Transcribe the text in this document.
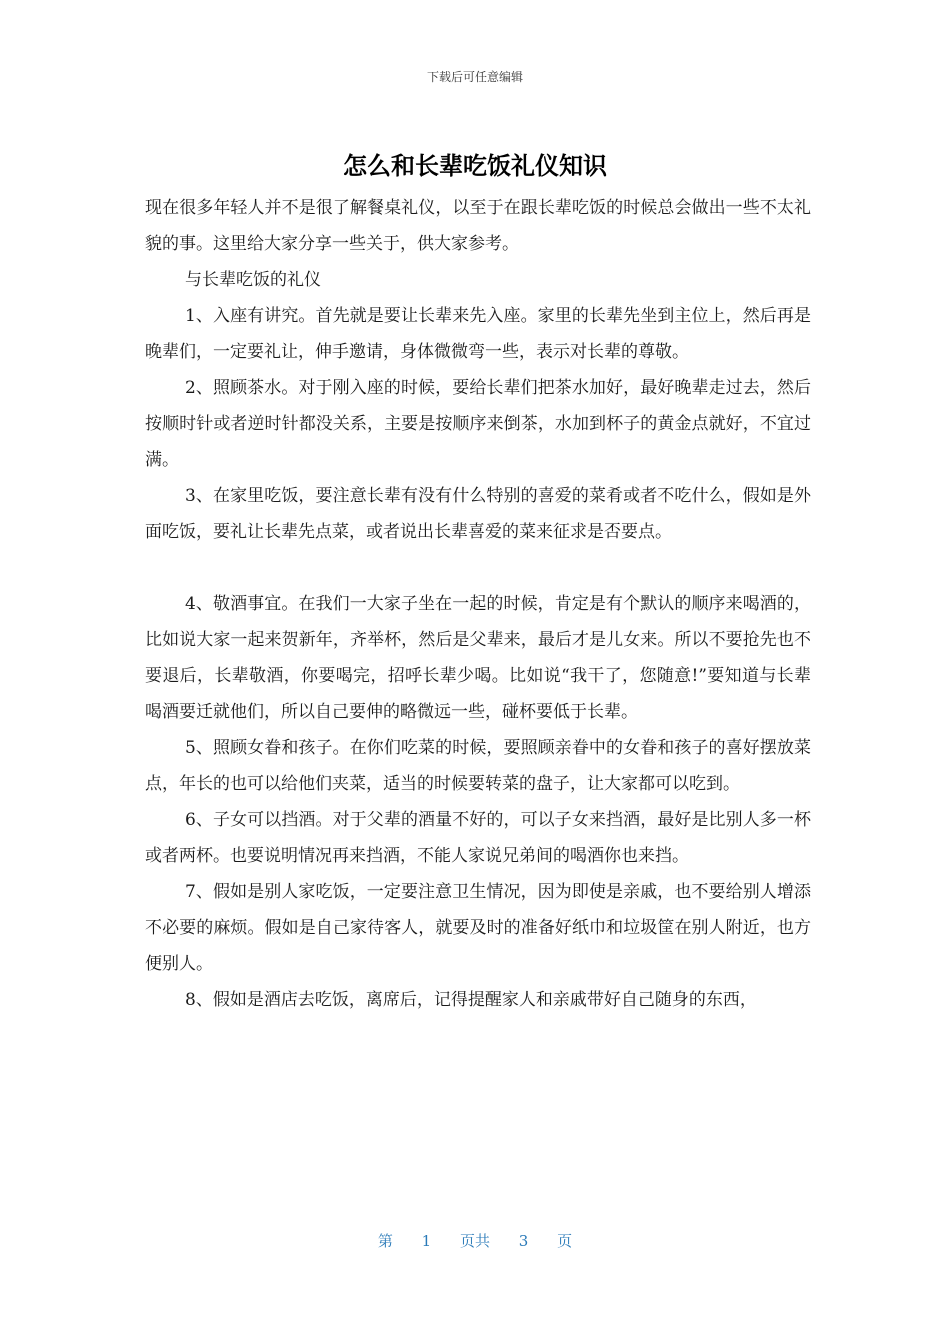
下载后可任意编辑
怎么和长辈吃饭礼仪知识

现在很多年轻人并不是很了解餐桌礼仪，以至于在跟长辈吃饭的时候总会做出一些不太礼貌的事。这里给大家分享一些关于，供大家参考。

与长辈吃饭的礼仪

1、入座有讲究。首先就是要让长辈来先入座。家里的长辈先坐到主位上，然后再是晚辈们，一定要礼让，伸手邀请，身体微微弯一些，表示对长辈的尊敬。

2、照顾茶水。对于刚入座的时候，要给长辈们把茶水加好，最好晚辈走过去，然后按顺时针或者逆时针都没关系，主要是按顺序来倒茶，水加到杯子的黄金点就好，不宜过满。

3、在家里吃饭，要注意长辈有没有什么特别的喜爱的菜肴或者不吃什么，假如是外面吃饭，要礼让长辈先点菜，或者说出长辈喜爱的菜来征求是否要点。

4、敬酒事宜。在我们一大家子坐在一起的时候，肯定是有个默认的顺序来喝酒的，比如说大家一起来贺新年，齐举杯，然后是父辈来，最后才是儿女来。所以不要抢先也不要退后，长辈敬酒，你要喝完，招呼长辈少喝。比如说“我干了，您随意!”要知道与长辈喝酒要迁就他们，所以自己要伸的略微远一些，碰杯要低于长辈。

5、照顾女眷和孩子。在你们吃菜的时候，要照顾亲眷中的女眷和孩子的喜好摆放菜点，年长的也可以给他们夹菜，适当的时候要转菜的盘子，让大家都可以吃到。

6、子女可以挡酒。对于父辈的酒量不好的，可以子女来挡酒，最好是比别人多一杯或者两杯。也要说明情况再来挡酒，不能人家说兄弟间的喝酒你也来挡。

7、假如是别人家吃饭，一定要注意卫生情况，因为即使是亲戚，也不要给别人增添不必要的麻烦。假如是自己家待客人，就要及时的准备好纸巾和垃圾筐在别人附近，也方便别人。

8、假如是酒店去吃饭，离席后，记得提醒家人和亲戚带好自己随身的东西，

第 1 页共 3 页
